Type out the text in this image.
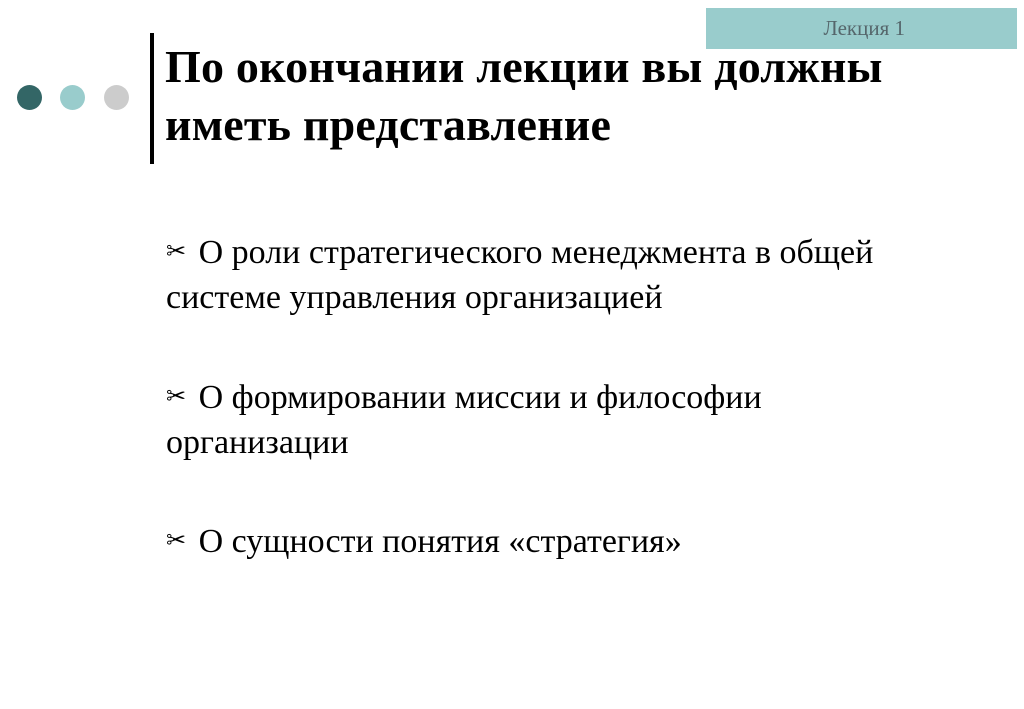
Лекция 1
По окончании лекции вы должны иметь представление
✂ О роли стратегического менеджмента в общей системе управления организацией
✂ О формировании миссии и философии организации
✂ О сущности понятия «стратегия»
